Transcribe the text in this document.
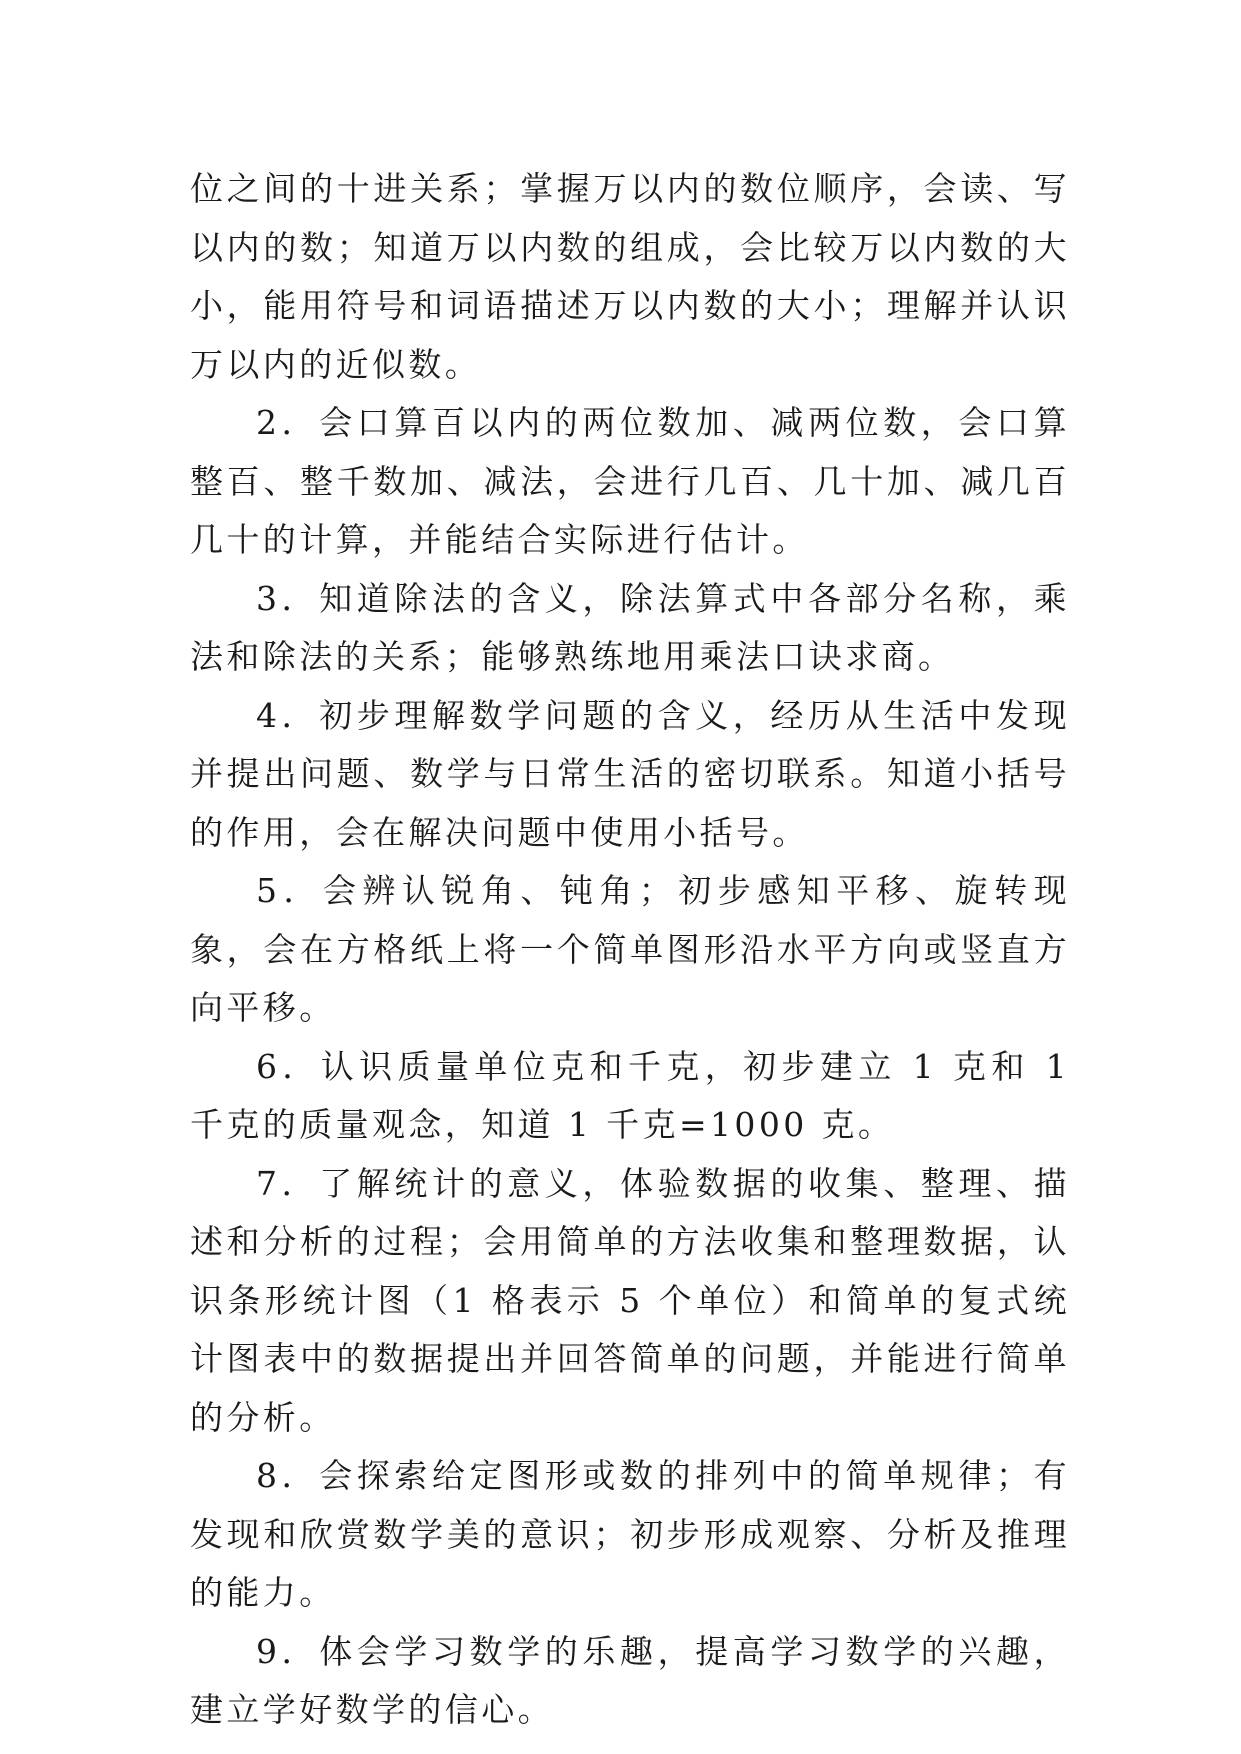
位之间的十进关系；掌握万以内的数位顺序，会读、写以内的数；知道万以内数的组成，会比较万以内数的大小，能用符号和词语描述万以内数的大小；理解并认识万以内的近似数。

2．会口算百以内的两位数加、减两位数，会口算整百、整千数加、减法，会进行几百、几十加、减几百几十的计算，并能结合实际进行估计。

3．知道除法的含义，除法算式中各部分名称，乘法和除法的关系；能够熟练地用乘法口诀求商。

4．初步理解数学问题的含义，经历从生活中发现并提出问题、数学与日常生活的密切联系。知道小括号的作用，会在解决问题中使用小括号。

5．会辨认锐角、钝角；初步感知平移、旋转现象，会在方格纸上将一个简单图形沿水平方向或竖直方向平移。

6．认识质量单位克和千克，初步建立 1 克和 1 千克的质量观念，知道 1 千克=1000 克。

7．了解统计的意义，体验数据的收集、整理、描述和分析的过程；会用简单的方法收集和整理数据，认识条形统计图（1 格表示 5 个单位）和简单的复式统计图表中的数据提出并回答简单的问题，并能进行简单的分析。

8．会探索给定图形或数的排列中的简单规律；有发现和欣赏数学美的意识；初步形成观察、分析及推理的能力。

9．体会学习数学的乐趣，提高学习数学的兴趣，建立学好数学的信心。
